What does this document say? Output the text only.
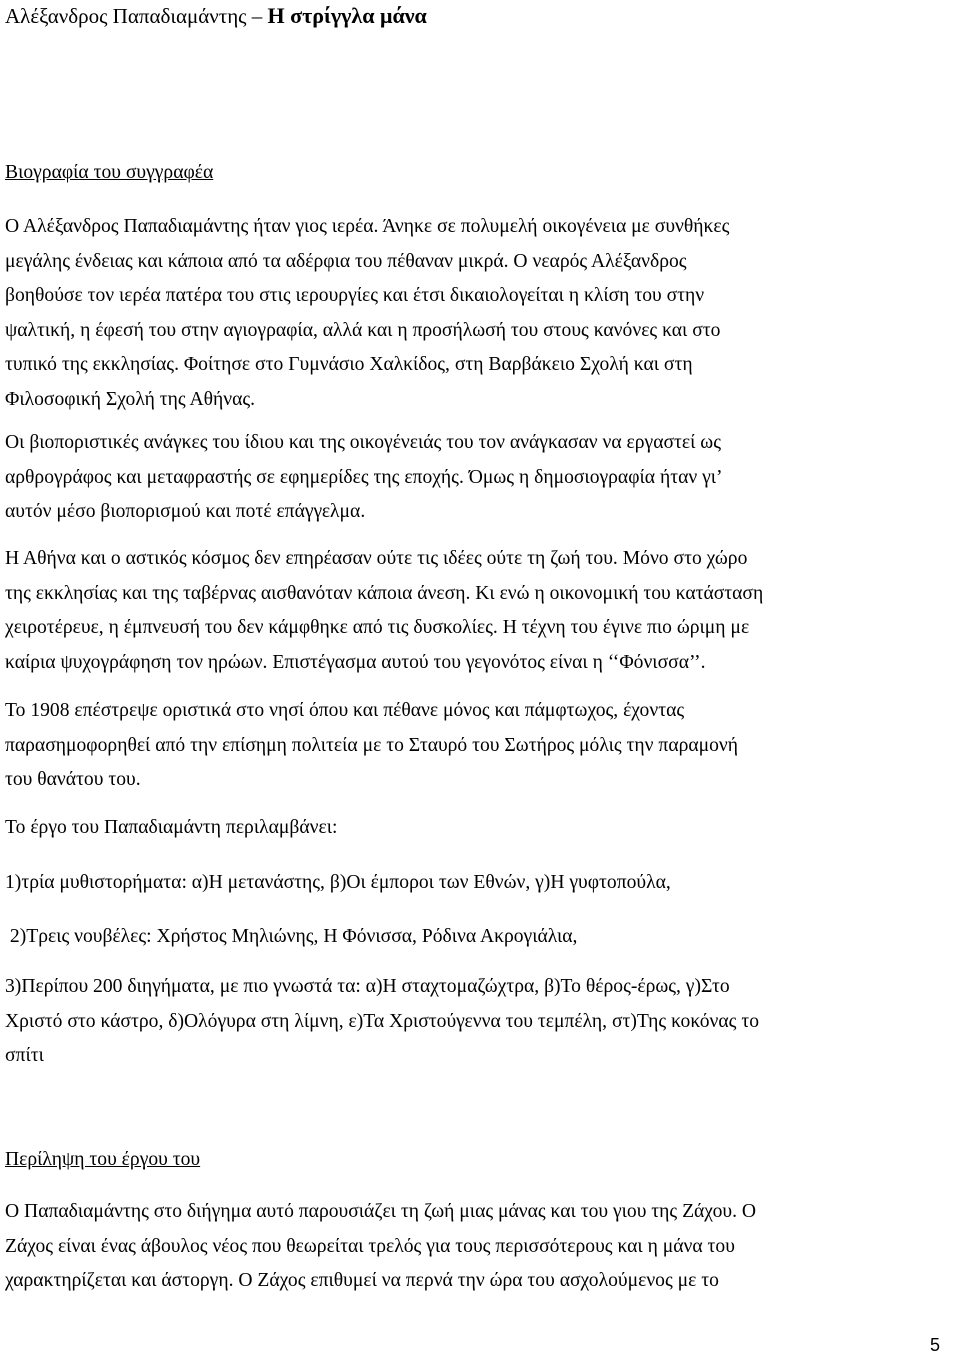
Αλέξανδρος Παπαδιαμάντης – Η στρίγγλα μάνα
Βιογραφία του συγγραφέα

Ο Αλέξανδρος Παπαδιαμάντης ήταν γιος ιερέα. Άνηκε σε πολυμελή οικογένεια με συνθήκες
μεγάλης ένδειας και κάποια από τα αδέρφια του πέθαναν μικρά. Ο νεαρός Αλέξανδρος
βοηθούσε τον ιερέα πατέρα του στις ιερουργίες και έτσι δικαιολογείται η κλίση του στην
ψαλτική, η έφεσή του στην αγιογραφία, αλλά και η προσήλωσή του στους κανόνες και στο
τυπικό της εκκλησίας. Φοίτησε στο Γυμνάσιο Χαλκίδος, στη Βαρβάκειο Σχολή και στη
Φιλοσοφική Σχολή της Αθήνας.

Οι βιοποριστικές ανάγκες του ίδιου και της οικογένειάς του τον ανάγκασαν να εργαστεί ως
αρθρογράφος και μεταφραστής σε εφημερίδες της εποχής. Όμως η δημοσιογραφία ήταν γι’
αυτόν μέσο βιοπορισμού και ποτέ επάγγελμα.

Η Αθήνα και ο αστικός κόσμος δεν επηρέασαν ούτε τις ιδέες ούτε τη ζωή του. Μόνο στο χώρο
της εκκλησίας και της ταβέρνας αισθανόταν κάποια άνεση. Κι ενώ η οικονομική του κατάσταση
χειροτέρευε, η έμπνευσή του δεν κάμφθηκε από τις δυσκολίες. Η τέχνη του έγινε πιο ώριμη με
καίρια ψυχογράφηση τον ηρώων. Επιστέγασμα αυτού του γεγονότος είναι η ‘‘Φόνισσα’’.

Το 1908 επέστρεψε οριστικά στο νησί όπου και πέθανε μόνος και πάμφτωχος, έχοντας
παρασημοφορηθεί από την επίσημη πολιτεία με το Σταυρό του Σωτήρος μόλις την παραμονή
του θανάτου του.

Το έργο του Παπαδιαμάντη περιλαμβάνει:

1)τρία μυθιστορήματα: α)Η μετανάστης, β)Οι έμποροι των Εθνών, γ)Η γυφτοπούλα,

2)Τρεις νουβέλες: Χρήστος Μηλιώνης, Η Φόνισσα, Ρόδινα Ακρογιάλια,

3)Περίπου 200 διηγήματα, με πιο γνωστά τα: α)Η σταχτομαζώχτρα, β)Το θέρος-έρως, γ)Στο
Χριστό στο κάστρο, δ)Ολόγυρα στη λίμνη, ε)Τα Χριστούγεννα του τεμπέλη, στ)Της κοκόνας το
σπίτι

Περίληψη του έργου του

Ο Παπαδιαμάντης στο διήγημα αυτό παρουσιάζει τη ζωή μιας μάνας και του γιου της Ζάχου. Ο
Ζάχος είναι ένας άβουλος νέος που θεωρείται τρελός για τους περισσότερους και η μάνα του
χαρακτηρίζεται και άστοργη. Ο Ζάχος επιθυμεί να περνά την ώρα του ασχολούμενος με το

5
